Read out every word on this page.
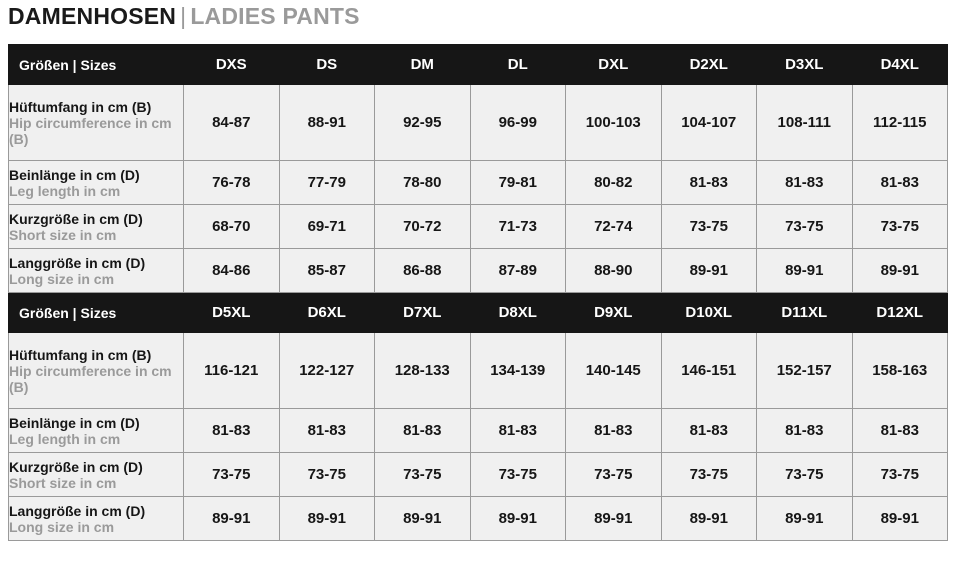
DAMENHOSEN | LADIES PANTS
Größen | Sizes	DXS	DS	DM	DL	DXL	D2XL	D3XL	D4XL

Hüftumfang in cm (B)
Hip circumference in cm (B)	84-87	88-91	92-95	96-99	100-103	104-107	108-111	112-115

Beinlänge in cm (D)
Leg length in cm	76-78	77-79	78-80	79-81	80-82	81-83	81-83	81-83

Kurzgröße in cm (D)
Short size in cm	68-70	69-71	70-72	71-73	72-74	73-75	73-75	73-75

Langgröße in cm (D)
Long size in cm	84-86	85-87	86-88	87-89	88-90	89-91	89-91	89-91
Größen | Sizes	D5XL	D6XL	D7XL	D8XL	D9XL	D10XL	D11XL	D12XL

Hüftumfang in cm (B)
Hip circumference in cm (B)	116-121	122-127	128-133	134-139	140-145	146-151	152-157	158-163

Beinlänge in cm (D)
Leg length in cm	81-83	81-83	81-83	81-83	81-83	81-83	81-83	81-83

Kurzgröße in cm (D)
Short size in cm	73-75	73-75	73-75	73-75	73-75	73-75	73-75	73-75

Langgröße in cm (D)
Long size in cm	89-91	89-91	89-91	89-91	89-91	89-91	89-91	89-91
